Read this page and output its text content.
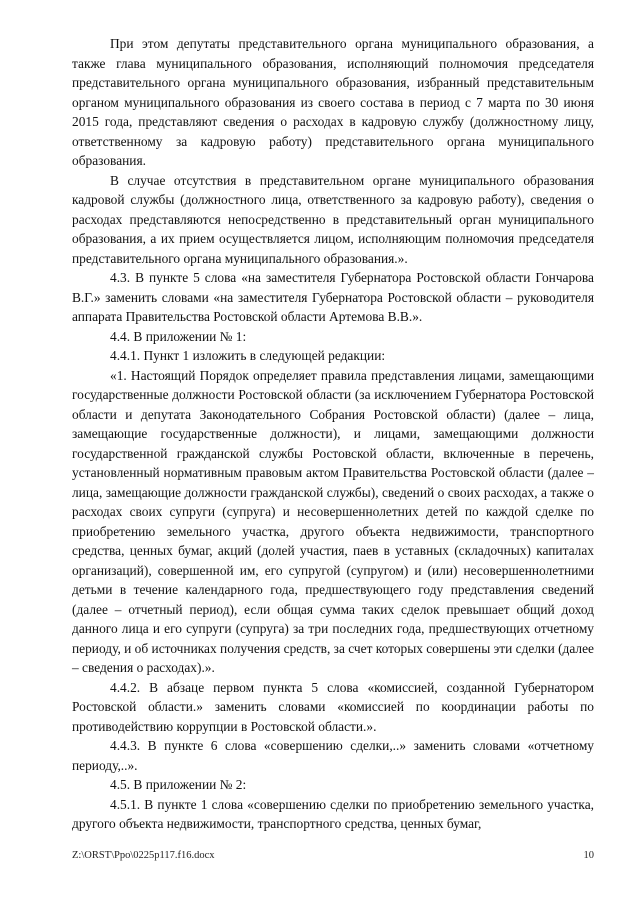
При этом депутаты представительного органа муниципального образования, а также глава муниципального образования, исполняющий полномочия председателя представительного органа муниципального образования, избранный представительным органом муниципального образования из своего состава в период с 7 марта по 30 июня 2015 года, представляют сведения о расходах в кадровую службу (должностному лицу, ответственному за кадровую работу) представительного органа муниципального образования.

В случае отсутствия в представительном органе муниципального образования кадровой службы (должностного лица, ответственного за кадровую работу), сведения о расходах представляются непосредственно в представительный орган муниципального образования, а их прием осуществляется лицом, исполняющим полномочия председателя представительного органа муниципального образования.».

4.3. В пункте 5 слова «на заместителя Губернатора Ростовской области Гончарова В.Г.» заменить словами «на заместителя Губернатора Ростовской области – руководителя аппарата Правительства Ростовской области Артемова В.В.».

4.4. В приложении № 1:

4.4.1. Пункт 1 изложить в следующей редакции:

«1. Настоящий Порядок определяет правила представления лицами, замещающими государственные должности Ростовской области (за исключением Губернатора Ростовской области и депутата Законодательного Собрания Ростовской области) (далее – лица, замещающие государственные должности), и лицами, замещающими должности государственной гражданской службы Ростовской области, включенные в перечень, установленный нормативным правовым актом Правительства Ростовской области (далее – лица, замещающие должности гражданской службы), сведений о своих расходах, а также о расходах своих супруги (супруга) и несовершеннолетних детей по каждой сделке по приобретению земельного участка, другого объекта недвижимости, транспортного средства, ценных бумаг, акций (долей участия, паев в уставных (складочных) капиталах организаций), совершенной им, его супругой (супругом) и (или) несовершеннолетними детьми в течение календарного года, предшествующего году представления сведений (далее – отчетный период), если общая сумма таких сделок превышает общий доход данного лица и его супруги (супруга) за три последних года, предшествующих отчетному периоду, и об источниках получения средств, за счет которых совершены эти сделки (далее – сведения о расходах).».

4.4.2. В абзаце первом пункта 5 слова «комиссией, созданной Губернатором Ростовской области.» заменить словами «комиссией по координации работы по противодействию коррупции в Ростовской области.».

4.4.3. В пункте 6 слова «совершению сделки,..» заменить словами «отчетному периоду,..».

4.5. В приложении № 2:

4.5.1. В пункте 1 слова «совершению сделки по приобретению земельного участка, другого объекта недвижимости, транспортного средства, ценных бумаг,

Z:\ORST\Ppo\0225p117.f16.docx	10
